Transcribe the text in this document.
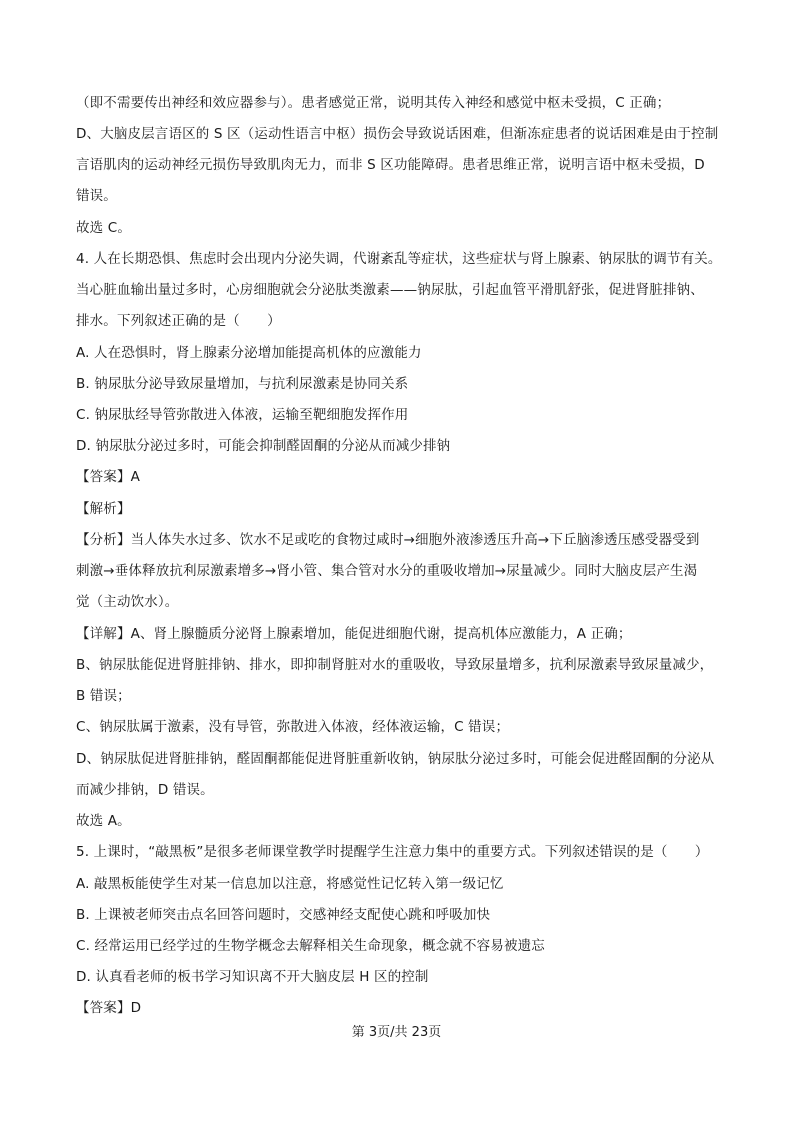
（即不需要传出神经和效应器参与）。患者感觉正常，说明其传入神经和感觉中枢未受损，C 正确；
D、大脑皮层言语区的 S 区（运动性语言中枢）损伤会导致说话困难，但渐冻症患者的说话困难是由于控制
言语肌肉的运动神经元损伤导致肌肉无力，而非 S 区功能障碍。患者思维正常，说明言语中枢未受损，D
错误。
故选 C。
4. 人在长期恐惧、焦虑时会出现内分泌失调，代谢紊乱等症状，这些症状与肾上腺素、钠尿肽的调节有关。
当心脏血输出量过多时，心房细胞就会分泌肽类激素——钠尿肽，引起血管平滑肌舒张，促进肾脏排钠、
排水。下列叙述正确的是（　　）
A. 人在恐惧时，肾上腺素分泌增加能提高机体的应激能力
B. 钠尿肽分泌导致尿量增加，与抗利尿激素是协同关系
C. 钠尿肽经导管弥散进入体液，运输至靶细胞发挥作用
D. 钠尿肽分泌过多时，可能会抑制醛固酮的分泌从而减少排钠
【答案】A
【解析】
【分析】当人体失水过多、饮水不足或吃的食物过咸时→细胞外液渗透压升高→下丘脑渗透压感受器受到
刺激→垂体释放抗利尿激素增多→肾小管、集合管对水分的重吸收增加→尿量减少。同时大脑皮层产生渴
觉（主动饮水）。
【详解】A、肾上腺髓质分泌肾上腺素增加，能促进细胞代谢，提高机体应激能力，A 正确；
B、钠尿肽能促进肾脏排钠、排水，即抑制肾脏对水的重吸收，导致尿量增多，抗利尿激素导致尿量减少，
B 错误；
C、钠尿肽属于激素，没有导管，弥散进入体液，经体液运输，C 错误；
D、钠尿肽促进肾脏排钠，醛固酮都能促进肾脏重新收钠，钠尿肽分泌过多时，可能会促进醛固酮的分泌从
而减少排钠，D 错误。
故选 A。
5. 上课时，“敲黑板”是很多老师课堂教学时提醒学生注意力集中的重要方式。下列叙述错误的是（　　）
A. 敲黑板能使学生对某一信息加以注意，将感觉性记忆转入第一级记忆
B. 上课被老师突击点名回答问题时，交感神经支配使心跳和呼吸加快
C. 经常运用已经学过的生物学概念去解释相关生命现象，概念就不容易被遗忘
D. 认真看老师的板书学习知识离不开大脑皮层 H 区的控制
【答案】D
第 3页/共 23页
